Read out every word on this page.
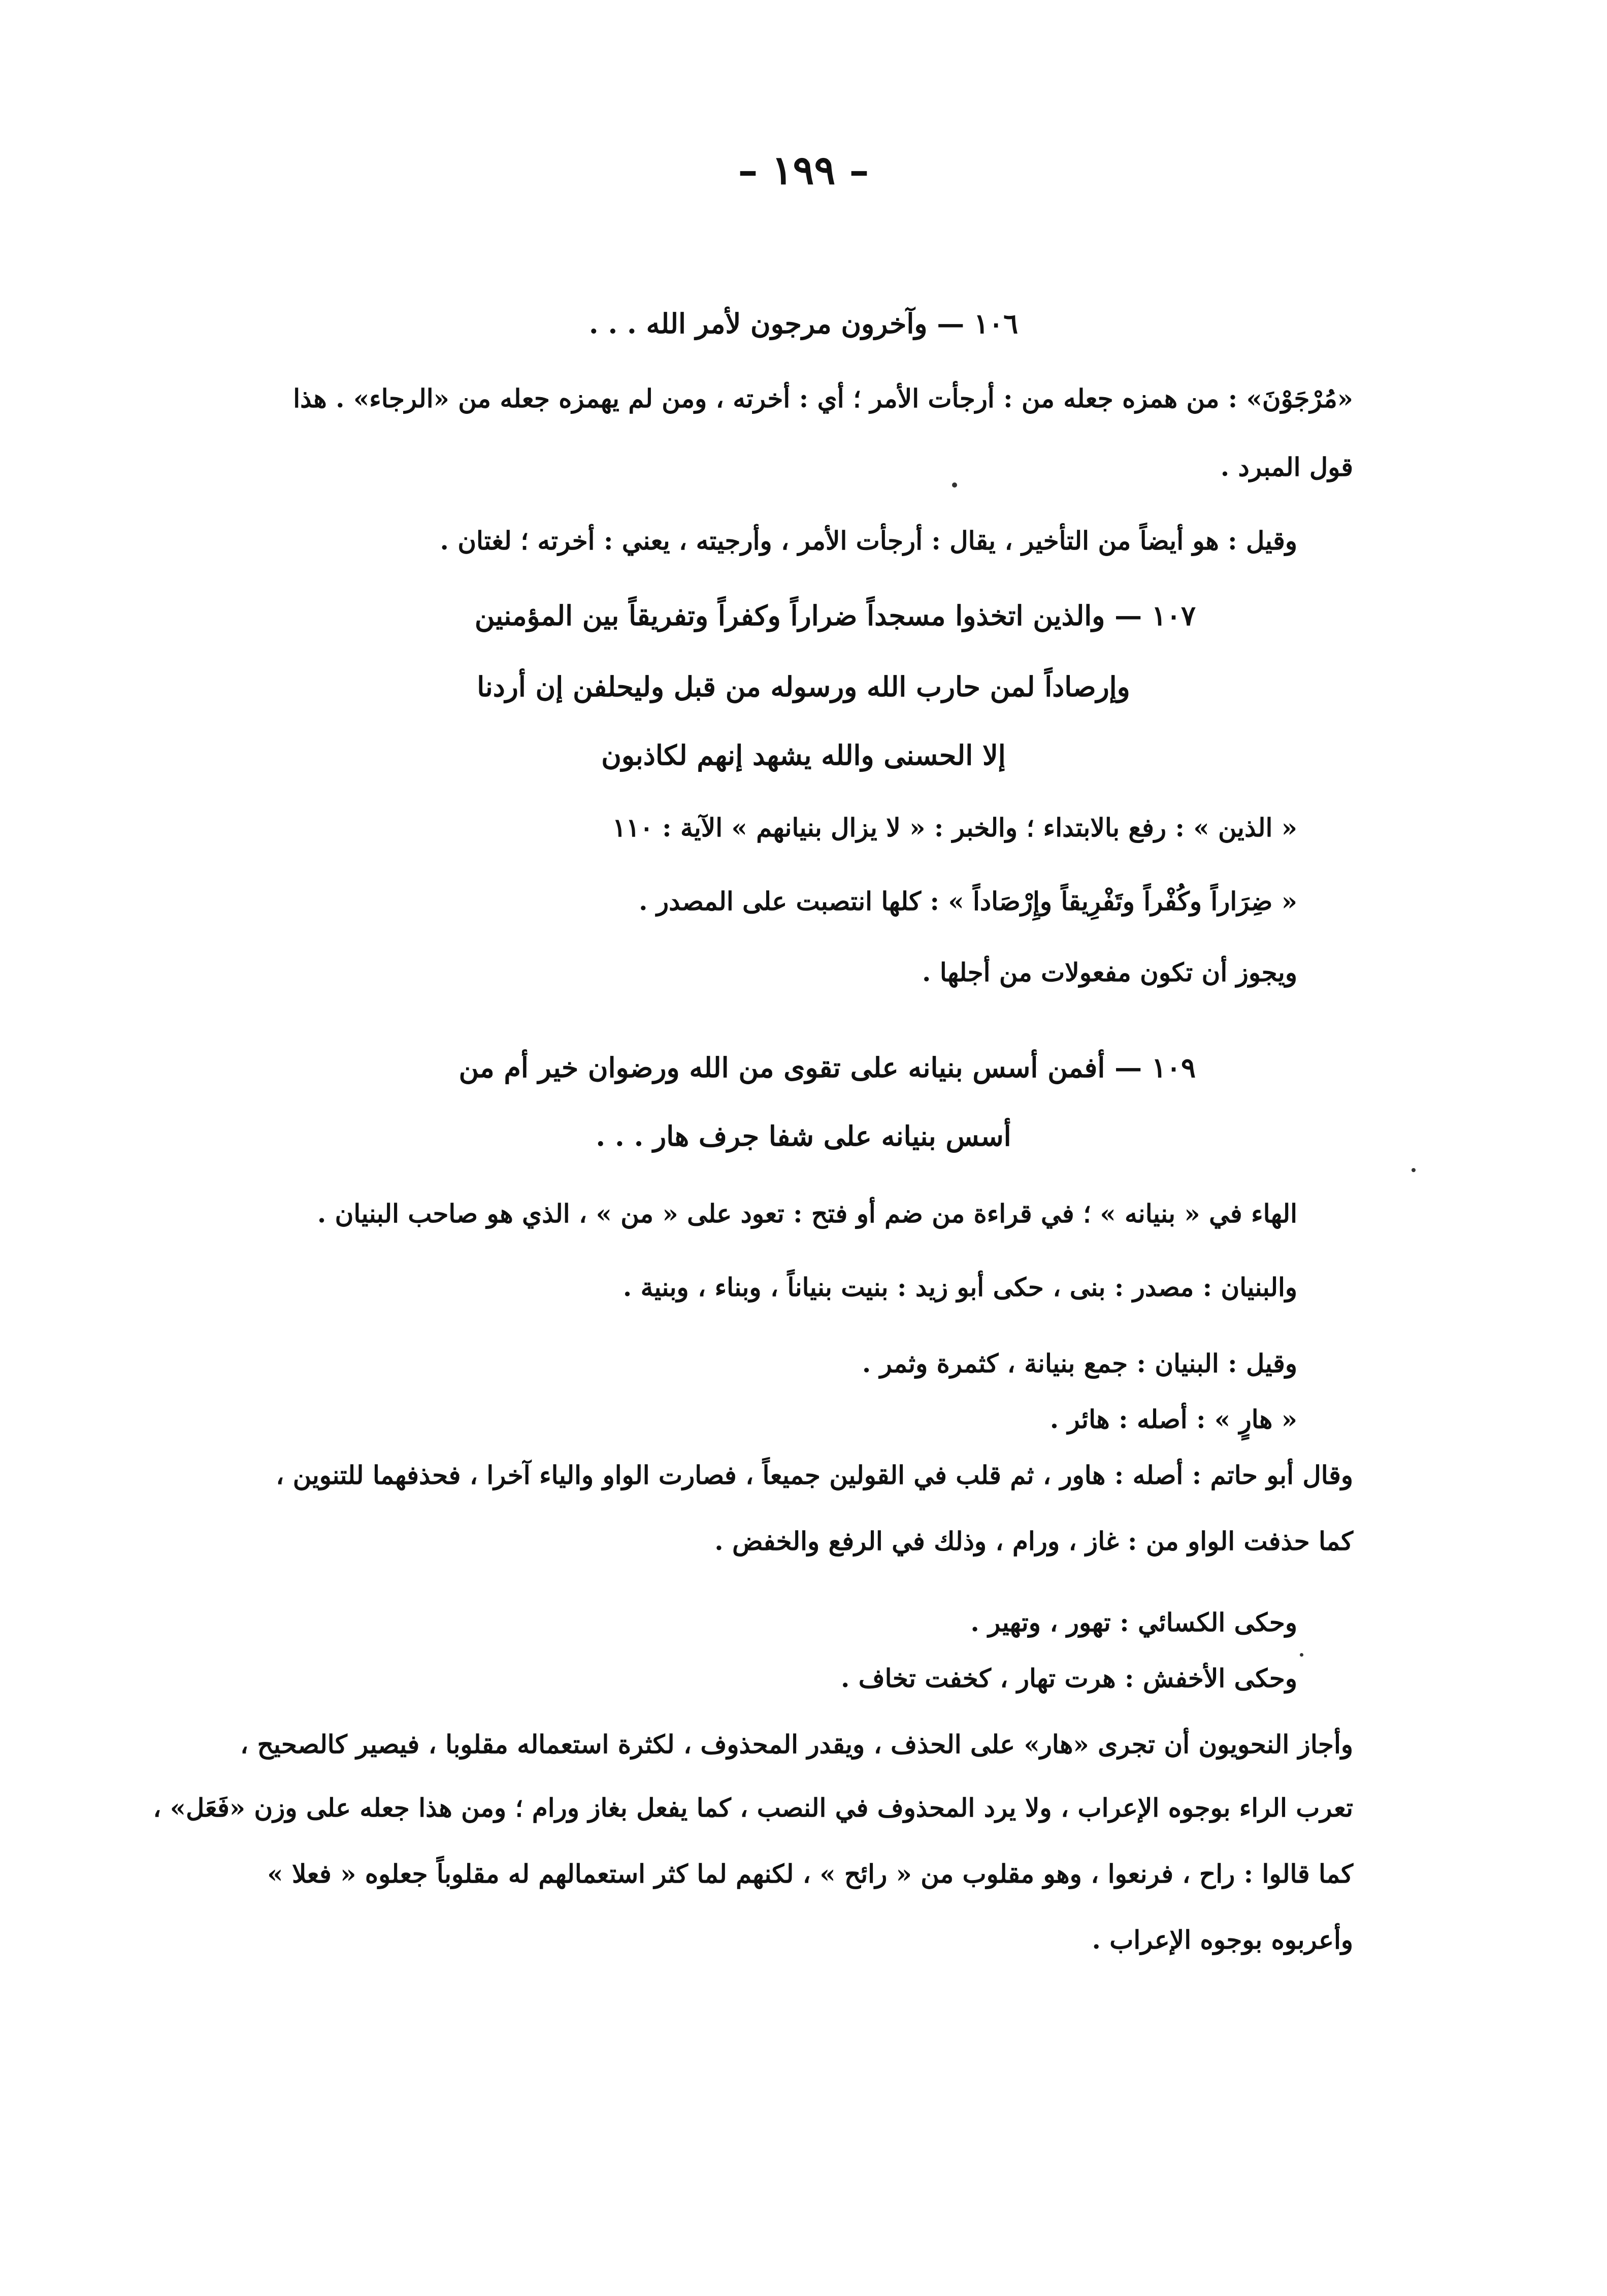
– ١٩٩ –
١٠٦ — وآخرون مرجون لأمر الله . . .
«مُرْجَوْنَ» : من همزه جعله من : أرجأت الأمر ؛ أي : أخرته ، ومن لم يهمزه جعله من «الرجاء» . هذا
قول المبرد .
وقيل : هو أيضاً من التأخير ، يقال : أرجأت الأمر ، وأرجيته ، يعني : أخرته ؛ لغتان .
١٠٧ — والذين اتخذوا مسجداً ضراراً وكفراً وتفريقاً بين المؤمنين
وإرصاداً لمن حارب الله ورسوله من قبل وليحلفن إن أردنا
إلا الحسنى والله يشهد إنهم لكاذبون
« الذين » : رفع بالابتداء ؛ والخبر : « لا يزال بنيانهم » الآية : ١١٠
« ضِرَاراً وكُفْراً وتَفْرِيقاً وإِرْصَاداً » : كلها انتصبت على المصدر .
ويجوز أن تكون مفعولات من أجلها .
١٠٩ — أفمن أسس بنيانه على تقوى من الله ورضوان خير أم من
أسس بنيانه على شفا جرف هار . . .
الهاء في « بنيانه » ؛ في قراءة من ضم أو فتح : تعود على « من » ، الذي هو صاحب البنيان .
والبنيان : مصدر : بنى ، حكى أبو زيد : بنيت بنياناً ، وبناء ، وبنية .
وقيل : البنيان : جمع بنيانة ، كثمرة وثمر .
« هارٍ » : أصله : هائر .
وقال أبو حاتم : أصله : هاور ، ثم قلب في القولين جميعاً ، فصارت الواو والياء آخرا ، فحذفهما للتنوين ،
كما حذفت الواو من : غاز ، ورام ، وذلك في الرفع والخفض .
وحكى الكسائي : تهور ، وتهير .
وحكى الأخفش : هرت تهار ، كخفت تخاف .
وأجاز النحويون أن تجرى «هار» على الحذف ، ويقدر المحذوف ، لكثرة استعماله مقلوبا ، فيصير كالصحيح ،
تعرب الراء بوجوه الإعراب ، ولا يرد المحذوف في النصب ، كما يفعل بغاز ورام ؛ ومن هذا جعله على وزن «فَعَل» ،
كما قالوا : راح ، فرنعوا ، وهو مقلوب من « رائح » ، لكنهم لما كثر استعمالهم له مقلوباً جعلوه « فعلا »
وأعربوه بوجوه الإعراب .
